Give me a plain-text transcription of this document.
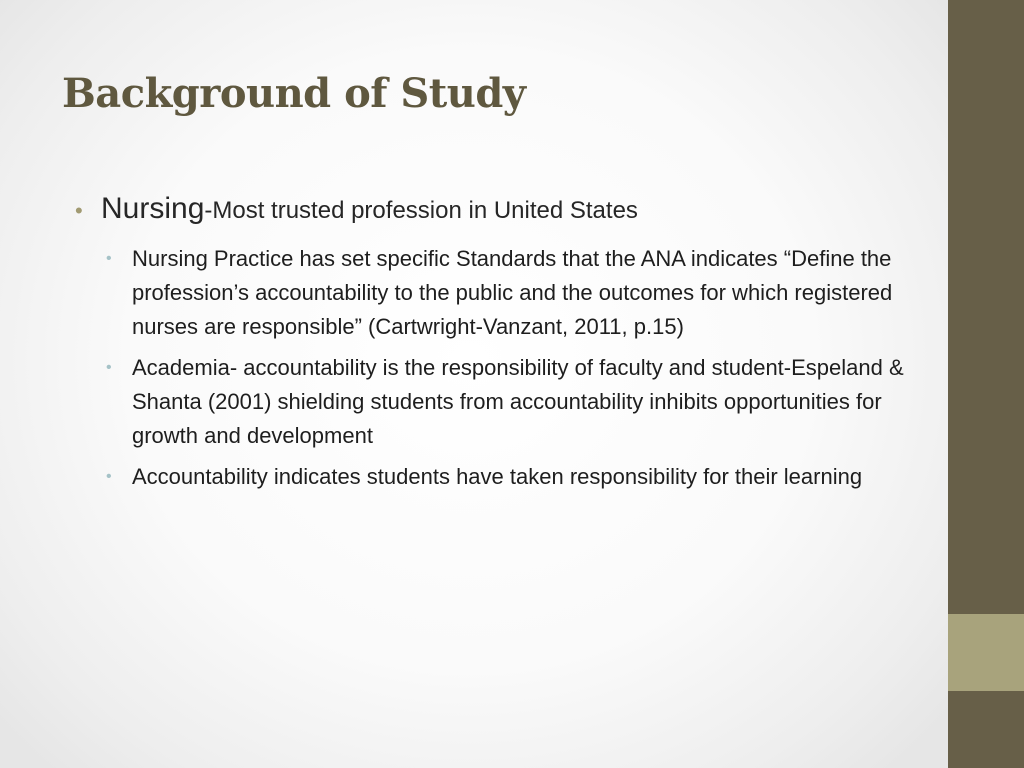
Background of Study
• Nursing-Most trusted profession in United States
• Nursing Practice has set specific Standards that the ANA indicates “Define the profession’s accountability to the public and the outcomes for which registered nurses are responsible” (Cartwright-Vanzant, 2011, p.15)
• Academia- accountability is the responsibility of faculty and student-Espeland & Shanta (2001) shielding students from accountability inhibits opportunities for growth and development
• Accountability indicates students have taken responsibility for their learning
